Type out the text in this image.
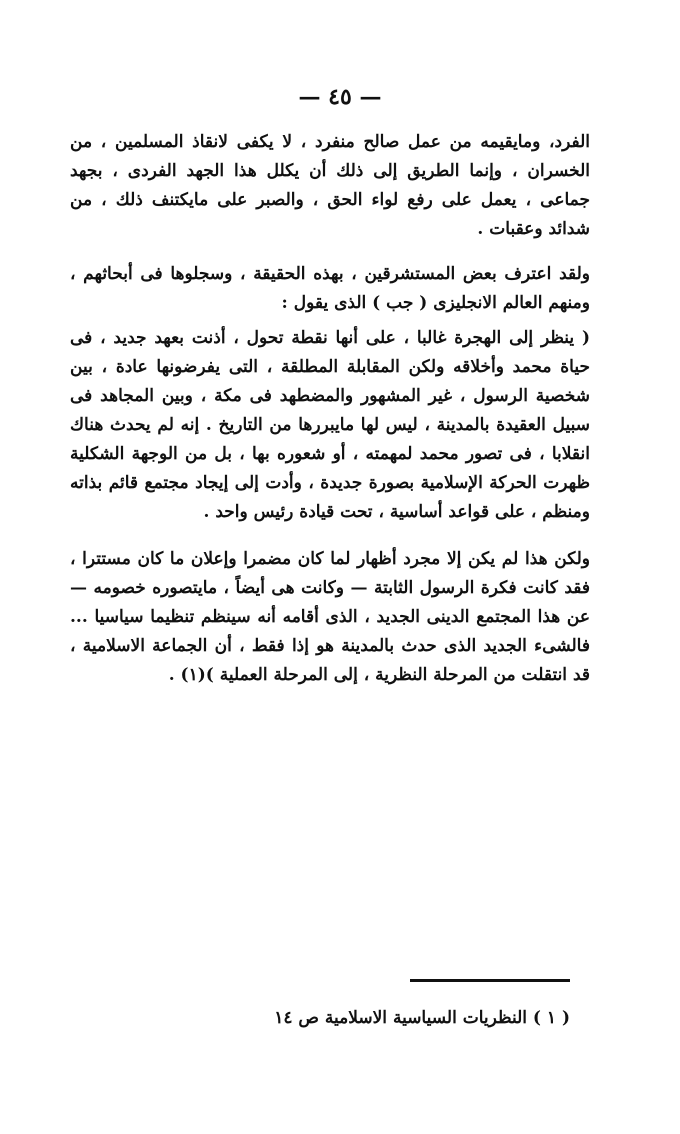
— ٤٥ —

الفرد، ومايقيمه من عمل صالح منفرد ، لا يكفى لانقاذ المسلمين ، من الخسران ، وإنما الطريق إلى ذلك أن يكلل هذا الجهد الفردى ، بجهد جماعى ، يعمل على رفع لواء الحق ، والصبر على مايكتنف ذلك ، من شدائد وعقبات .

ولقد اعترف بعض المستشرقين ، بهذه الحقيقة ، وسجلوها فى أبحاثهم ، ومنهم العالم الانجليزى ( جب ) الذى يقول :

( ينظر إلى الهجرة غالبا ، على أنها نقطة تحول ، أذنت بعهد جديد ، فى حياة محمد وأخلاقه ولكن المقابلة المطلقة ، التى يفرضونها عادة ، بين شخصية الرسول ، غير المشهور والمضطهد فى مكة ، وبين المجاهد فى سبيل العقيدة بالمدينة ، ليس لها مايبررها من التاريخ . إنه لم يحدث هناك انقلابا ، فى تصور محمد لمهمته ، أو شعوره بها ، بل من الوجهة الشكلية ظهرت الحركة الإسلامية بصورة جديدة ، وأدت إلى إيجاد مجتمع قائم بذاته ومنظم ، على قواعد أساسية ، تحت قيادة رئيس واحد .

ولكن هذا لم يكن إلا مجرد أظهار لما كان مضمرا وإعلان ما كان مستترا ، فقد كانت فكرة الرسول الثابتة — وكانت هى أيضاً ، مايتصوره خصومه — عن هذا المجتمع الدينى الجديد ، الذى أقامه أنه سينظم تنظيما سياسيا ... فالشىء الجديد الذى حدث بالمدينة هو إذا فقط ، أن الجماعة الاسلامية ، قد انتقلت من المرحلة النظرية ، إلى المرحلة العملية )(١) .

( ١ ) النظريات السياسية الاسلامية ص ١٤
